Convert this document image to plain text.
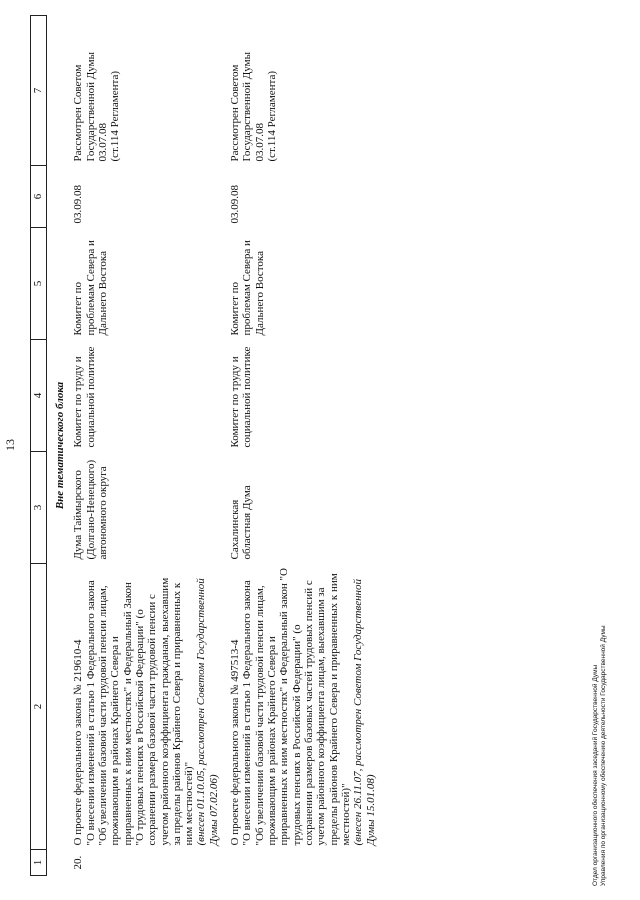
13
1	2	3	4	5	6	7
Вне тематического блока						
20.	О проекте федерального закона № 219610-4 "О внесении изменений в статью 1 Федерального закона "Об увеличении базовой части трудовой пенсии лицам, проживающим в районах Крайнего Севера и приравненных к ним местностях" и Федеральный Закон "О трудовых пенсиях в Российской Федерации" (о сохранении размера базовой части трудовой пенсии с учетом районного коэффициента гражданам, выехавшим за пределы районов Крайнего Севера и приравненных к ним местностей)" (внесен 01.10.05, рассмотрен Советом Государственной Думы 07.02.06)	Дума Таймырского (Долгано-Ненецкого) автономного округа	Комитет по труду и социальной политике	Комитет по проблемам Севера и Дальнего Востока	03.09.08	Рассмотрен Советом Государственной Думы 03.07.08 (ст.114 Регламента)

	О проекте федерального закона № 497513-4 "О внесении изменений в статью 1 Федерального закона "Об увеличении базовой части трудовой пенсии лицам, проживающим в районах Крайнего Севера и приравненных к ним местностях" и Федеральный закон "О трудовых пенсиях в Российской Федерации" (о сохранении размеров базовых частей трудовых пенсий с учетом районного коэффициента лицам, выехавшим за пределы районов Крайнего Севера и приравненных к ним местностей)" (внесен 26.11.07, рассмотрен Советом Государственной Думы 15.01.08)	Сахалинская областная Дума	Комитет по труду и социальной политике	Комитет по проблемам Севера и Дальнего Востока	03.09.08	Рассмотрен Советом Государственной Думы 03.07.08 (ст.114 Регламента)
Отдел организационного обеспечения заседаний Государственной Думы Управления по организационному обеспечению деятельности Государственной Думы
